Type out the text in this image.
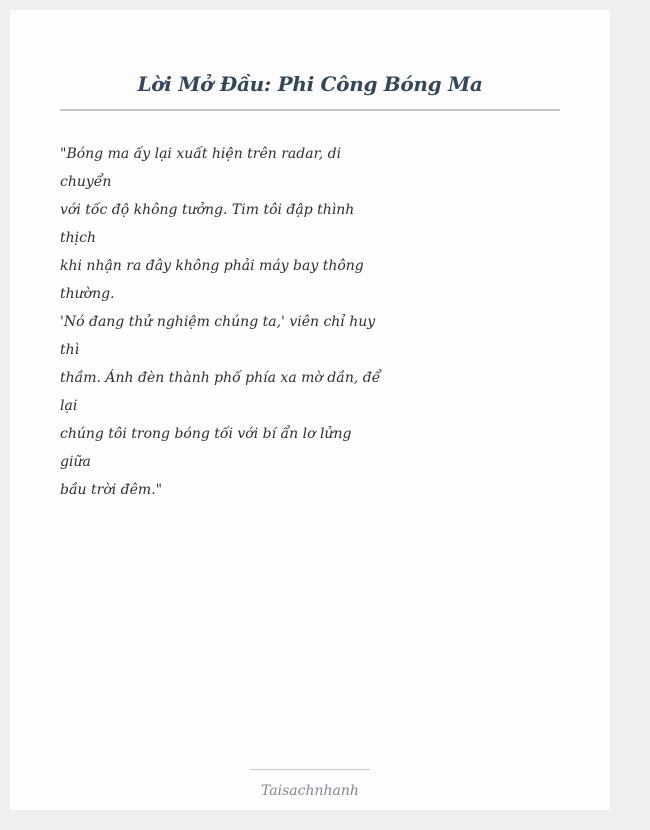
Lời Mở Đầu: Phi Công Bóng Ma
"Bóng ma ấy lại xuất hiện trên radar, di
chuyển
với tốc độ không tưởng. Tim tôi đập thình
thịch
khi nhận ra đây không phải máy bay thông
thường.
'Nó đang thử nghiệm chúng ta,' viên chỉ huy
thì
thầm. Ánh đèn thành phố phía xa mờ dần, để
lại
chúng tôi trong bóng tối với bí ẩn lơ lửng
giữa
bầu trời đêm."
Taisachnhanh
